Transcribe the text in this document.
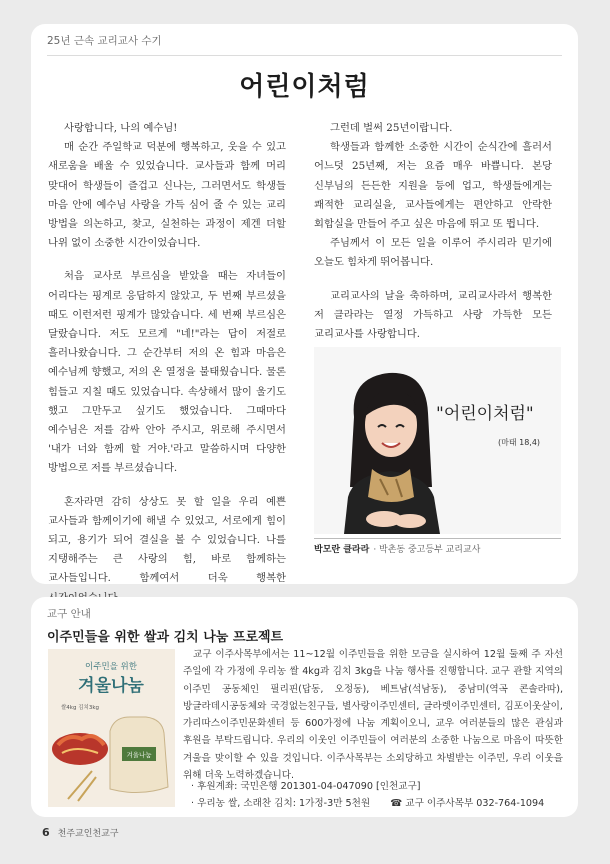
25년 근속 교리교사 수기
어린이처럼

사랑합니다, 나의 예수님!

매 순간 주일학교 덕분에 행복하고, 웃을 수 있고 새로움을 배울 수 있었습니다. 교사들과 함께 머리 맞대어 학생들이 즐겁고 신나는, 그러면서도 학생들 마음 안에 예수님 사랑을 가득 심어 줄 수 있는 교리 방법을 의논하고, 찾고, 실천하는 과정이 제겐 더할 나위 없이 소중한 시간이었습니다.

처음 교사로 부르심을 받았을 때는 자녀들이 어리다는 핑계로 응답하지 않았고, 두 번째 부르셨을 때도 이런저런 핑계가 많았습니다. 세 번째 부르심은 달랐습니다. 저도 모르게 "네!"라는 답이 저절로 흘러나왔습니다. 그 순간부터 저의 온 힘과 마음은 예수님께 향했고, 저의 온 열정을 불태웠습니다. 물론 힘들고 지칠 때도 있었습니다. 속상해서 많이 울기도 했고 그만두고 싶기도 했었습니다. 그때마다 예수님은 저를 감싸 안아 주시고, 위로해 주시면서 '내가 너와 함께 할 거야.'라고 말씀하시며 다양한 방법으로 저를 부르셨습니다.

혼자라면 감히 상상도 못 할 일을 우리 예쁜 교사들과 함께이기에 해낼 수 있었고, 서로에게 힘이 되고, 용기가 되어 결실을 볼 수 있었습니다. 나를 지탱해주는 큰 사랑의 힘, 바로 함께하는 교사들입니다. 함께여서 더욱 행복한

그런데 벌써 25년이랍니다.

학생들과 함께한 소중한 시간이 순식간에 흘러서 어느덧 25년째, 저는 요즘 매우 바쁩니다. 본당 신부님의 든든한 지원을 등에 업고, 학생들에게는 쾌적한 교리실을, 교사들에게는 편안하고 안락한 회합실을 만들어 주고 싶은 마음에 뛰고 또 뜁니다.

주님께서 이 모든 일을 이루어 주시리라 믿기에 오늘도 힘차게 뛰어봅니다.

교리교사의 날을 축하하며, 교리교사라서 행복한 저 클라라는 열정 가득하고 사랑 가득한 모든 교리교사를 사랑합니다.

"어린이처럼"
(마태 18,4)
박모란 클라라 · 박촌동 중고등부 교리교사
교구 안내
이주민들을 위한 쌀과 김치 나눔 프로젝트
이주민을 위한
겨울나눔
겨울나눔
쌀4kg 김치3kg

교구 이주사목부에서는 11~12월 이주민들을 위한 모금을 실시하여 12월 둘째 주 자선 주일에 각 가정에 우리농 쌀 4kg과 김치 3kg을 나눔 행사를 진행합니다. 교구 관할 지역의 이주민 공동체인 필리핀(답동, 오정동), 베트남(석남동), 중남미(역곡 콘솔라따), 방글라데시공동체와 국경없는친구들, 별사랑이주민센터, 글라렛이주민센터, 김포이웃살이, 가리따스이주민문화센터 등 600가정에 나눔 계획이오니, 교우 여러분들의 많은 관심과 후원을 부탁드립니다. 우리의 이웃인 이주민들이 여러분의 소중한 나눔으로 마음이 따뜻한 겨울을 맞이할 수 있을 것입니다. 이주사목부는 소외당하고 차별받는 이주민, 우리 이웃을 위해 더욱 노력하겠습니다.

· 후원계좌: 국민은행 201301-04-047090 [인천교구]
· 우리농 쌀, 소래찬 김치: 1가정-3만 5천원 ☎ 교구 이주사목부 032-764-1094
6 천주교인천교구
